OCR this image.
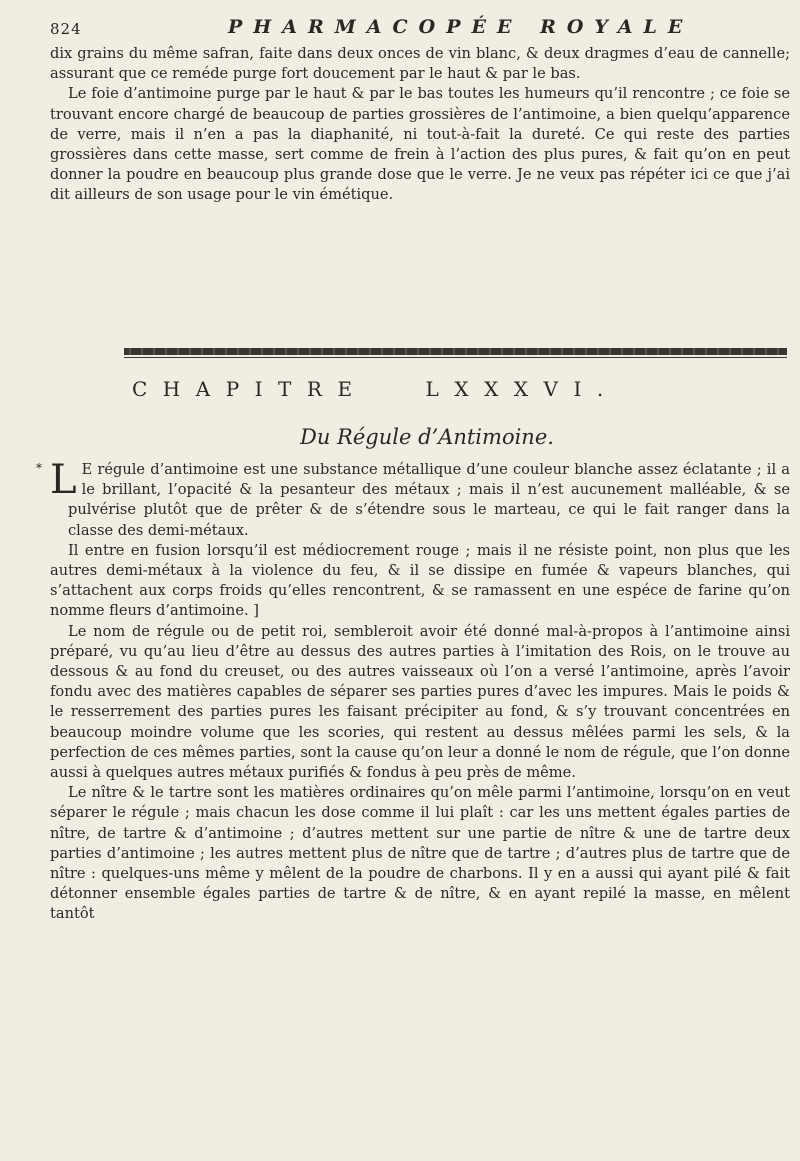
824	PHARMACOPÉE ROYALE

dix grains du même safran, faite dans deux onces de vin blanc, & deux dragmes d’eau de cannelle; assurant que ce reméde purge fort doucement par le haut & par le bas.

Le foie d’antimoine purge par le haut & par le bas toutes les humeurs qu’il rencontre ; ce foie se trouvant encore chargé de beaucoup de parties grossières de l’antimoine, a bien quelqu’apparence de verre, mais il n’en a pas la diaphanité, ni tout-à-fait la dureté. Ce qui reste des parties grossières dans cette masse, sert comme de frein à l’action des plus pures, & fait qu’on en peut donner la poudre en beaucoup plus grande dose que le verre. Je ne veux pas répéter ici ce que j’ai dit ailleurs de son usage pour le vin émétique.

CHAPITRE	LXXXVI.
Du Régule d’Antimoine.
* L E régule d’antimoine est une substance métallique d’une couleur blanche assez éclatante ; il a le brillant, l’opacité & la pesanteur des métaux ; mais il n’est aucunement malléable, & se pulvérise plutôt que de prêter & de s’étendre sous le marteau, ce qui le fait ranger dans la classe des demi-métaux.

Il entre en fusion lorsqu’il est médiocrement rouge ; mais il ne résiste point, non plus que les autres demi-métaux à la violence du feu, & il se dissipe en fumée & vapeurs blanches, qui s’attachent aux corps froids qu’elles rencontrent, & se ramassent en une espéce de farine qu’on nomme fleurs d’antimoine. ]

Le nom de régule ou de petit roi, sembleroit avoir été donné mal-à-propos à l’antimoine ainsi préparé, vu qu’au lieu d’être au dessus des autres parties à l’imitation des Rois, on le trouve au dessous & au fond du creuset, ou des autres vaisseaux où l’on a versé l’antimoine, après l’avoir fondu avec des matières capables de séparer ses parties pures d’avec les impures. Mais le poids & le resserrement des parties pures les faisant précipiter au fond, & s’y trouvant concentrées en beaucoup moindre volume que les scories, qui restent au dessus mêlées parmi les sels, & la perfection de ces mêmes parties, sont la cause qu’on leur a donné le nom de régule, que l’on donne aussi à quelques autres métaux purifiés & fondus à peu près de même.

Le nître & le tartre sont les matières ordinaires qu’on mêle parmi l’antimoine, lorsqu’on en veut séparer le régule ; mais chacun les dose comme il lui plaît : car les uns mettent égales parties de nître, de tartre & d’antimoine ; d’autres mettent sur une partie de nître & une de tartre deux parties d’antimoine ; les autres mettent plus de nître que de tartre ; d’autres plus de tartre que de nître : quelques-uns même y mêlent de la poudre de charbons. Il y en a aussi qui ayant pilé & fait détonner ensemble égales parties de tartre & de nître, & en ayant repilé la masse, en mêlent tantôt
